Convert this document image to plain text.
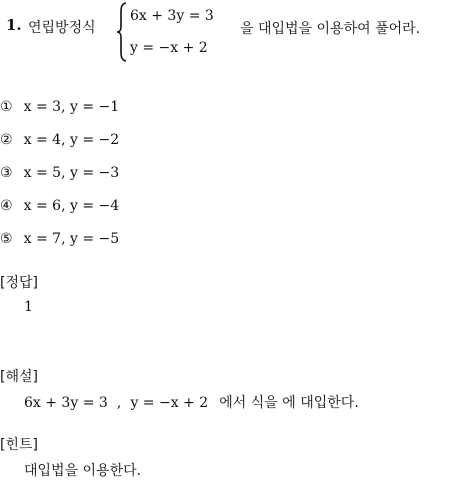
1. 연립방정식
6x + 3y = 3
y = −x + 2
을 대입법을 이용하여 풀어라.
① x = 3, y = −1
② x = 4, y = −2
③ x = 5, y = −3
④ x = 6, y = −4
⑤ x = 7, y = −5
[정답]
1
[해설]
6x + 3y = 3 , y = −x + 2 에서 식을 에 대입한다.
[힌트]
대입법을 이용한다.
